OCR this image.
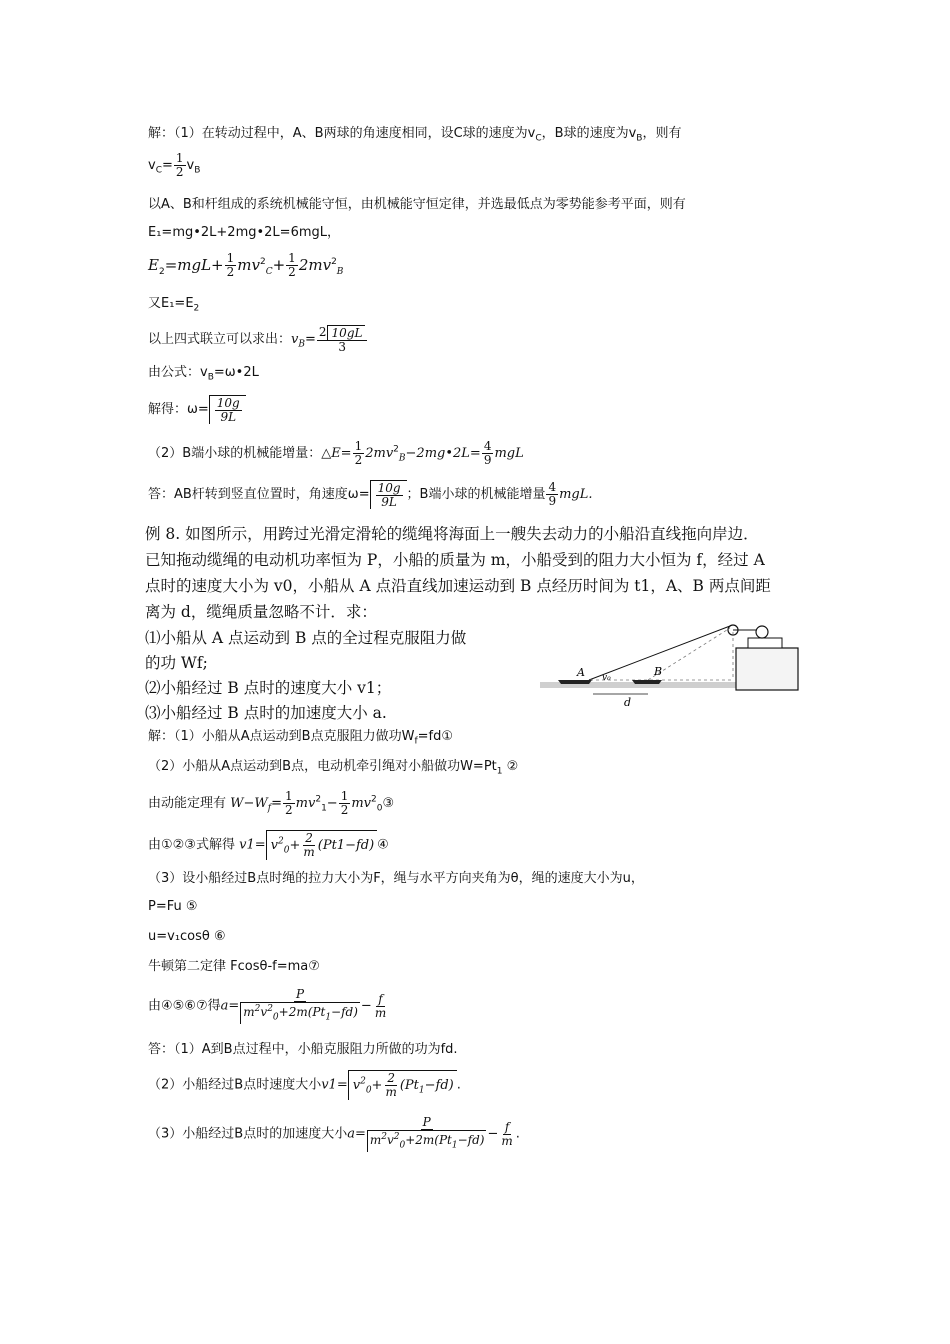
解：（1）在转动过程中，A、B两球的角速度相同，设C球的速度为$v_C$，B球的速度为$v_B$，则有
$v_C= \frac{1}{2} v_B$
以A、B和杆组成的系统机械能守恒，由机械能守恒定律，并选最低点为零势能参考平面，则有
E₁=mg•2L+2mg•2L=6mgL，
$E_2=mgL+ \frac{1}{2} mv^2_C+ \frac{1}{2} 2mv^2_B$
又$E_1=E_2$
以上四式联立可以求出：$v_B= \frac{2 10gL}{3}$
由公式：$v_B=\omega•2L$
解得：$\omega= \frac{10g}{9L}$
（2）B端小球的机械能增量：△E= $\frac{1}{2}$ $2mv^2_B-2mg•2L= \frac{4}{9}$ mgL
答：AB杆转到竖直位置时，角速度$\omega= \frac{10g}{9L}$ ；B端小球的机械能增量 $\frac{4}{9}$ mgL.
例 8. 如图所示，用跨过光滑定滑轮的缆绳将海面上一艘失去动力的小船沿直线拖向岸边．
已知拖动缆绳的电动机功率恒为 P，小船的质量为 m，小船受到的阻力大小恒为 f，经过 A
点时的速度大小为 v0，小船从 A 点沿直线加速运动到 B 点经历时间为 t1，A、B 两点间距
离为 d，缆绳质量忽略不计．求：
⑴小船从 A 点运动到 B 点的全过程克服阻力做
的功 Wf;
⑵小船经过 B 点时的速度大小 v1；
⑶小船经过 B 点时的加速度大小 a.
A	B
v₀
d
解：（1）小船从A点运动到B点克服阻力做功$W_f=fd①$
（2）小船从A点运动到B点，电动机牵引绳对小船做功$W=Pt_1$ ②
由动能定理有 $W-W_f= \frac{1}{2} mv^2_1- \frac{1}{2}$ $mv^2_0③$
由①②③式解得 $v1= v^2_0+ \frac{2}{m} (Pt1-fd)$ ④
（3）设小船经过B点时绳的拉力大小为F，绳与水平方向夹角为θ，绳的速度大小为u，
P=Fu ⑤
u=v₁cosθ ⑥
牛顿第二定律 Fcosθ-f=ma⑦
由④⑤⑥⑦得$a= \frac{P}{m^2v^2_0+2m(Pt_1-fd)} - \frac{f}{m}$
答：（1）A到B点过程中，小船克服阻力所做的功为fd.
（2）小船经过B点时速度大小$v1= v^2_0+ \frac{2}{m} (Pt_1-fd)$ .
（3）小船经过B点时的加速度大小$a= \frac{P}{m^2v^2_0+2m(Pt_1-fd)} - \frac{f}{m}$ .
